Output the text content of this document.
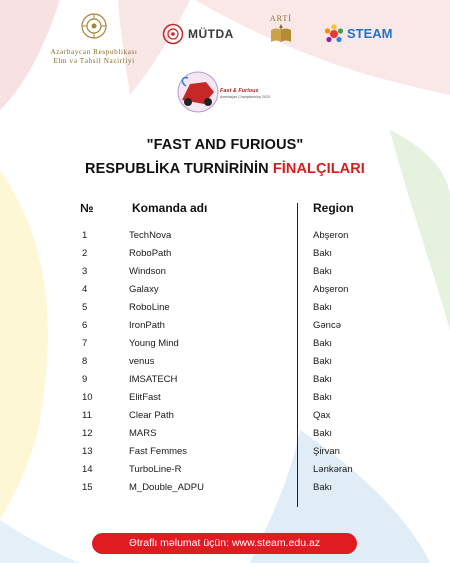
Azərbaycan Respublikası
Elm və Təhsil Nazirliyi
MÜTDA
ARTİ
STEAM
Fast & Furious
Azerbaijan Championship 2025
"FAST AND FURIOUS"
RESPUBLİKA TURNİRİNİN FİNALÇILARI
№	Komanda adı	Region
1	TechNova	Abşeron
2	RoboPath	Bakı
3	Windson	Bakı
4	Galaxy	Abşeron
5	RoboLine	Bakı
6	IronPath	Gəncə
7	Young Mind	Bakı
8	venus	Bakı
9	IMSATECH	Bakı
10	ElitFast	Bakı
11	Clear Path	Qax
12	MARS	Bakı
13	Fast Femmes	Şirvan
14	TurboLine-R	Lənkəran
15	M_Double_ADPU	Bakı
Ətraflı məlumat üçün: www.steam.edu.az
